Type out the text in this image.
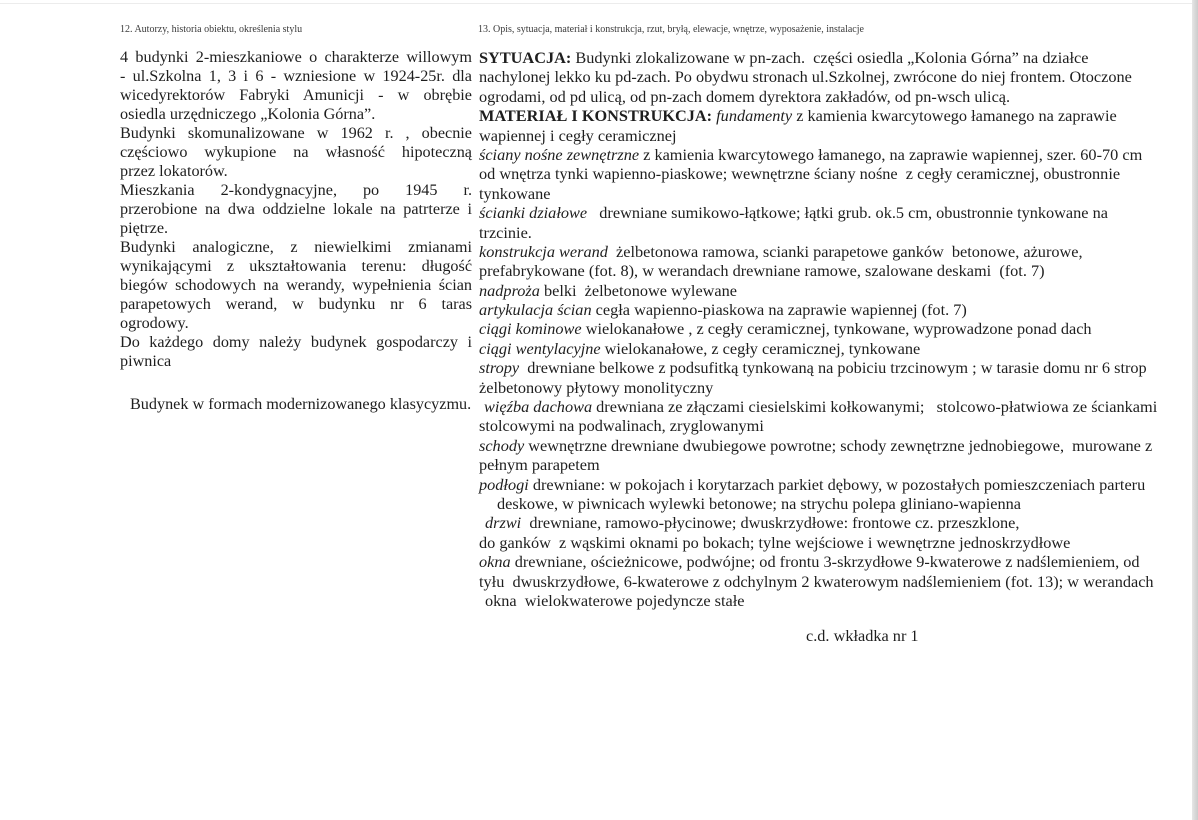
12. Autorzy, historia obiektu, określenia stylu	13. Opis, sytuacja, materiał i konstrukcja, rzut, bryłą, elewacje, wnętrze, wyposażenie, instalacje
4 budynki 2-mieszkaniowe o charakterze willowym
- ul.Szkolna 1, 3 i 6 - wzniesione w 1924-25r. dla
wicedyrektorów Fabryki Amunicji - w obrębie
osiedla urzędniczego „Kolonia Górna”.
Budynki skomunalizowane w 1962 r. , obecnie
częściowo wykupione na własność hipoteczną
przez lokatorów.
Mieszkania 2-kondygnacyjne, po 1945 r.
przerobione na dwa oddzielne lokale na patrterze i
piętrze.
Budynki analogiczne, z niewielkimi zmianami
wynikającymi z ukształtowania terenu: długość
biegów schodowych na werandy, wypełnienia ścian
parapetowych werand, w budynku nr 6 taras
ogrodowy.
Do każdego domy należy budynek gospodarczy i
piwnica
Budynek w formach modernizowanego klasycyzmu.
SYTUACJA: Budynki zlokalizowane w pn-zach.  części osiedla „Kolonia Górna” na działce
nachylonej lekko ku pd-zach. Po obydwu stronach ul.Szkolnej, zwrócone do niej frontem. Otoczone
ogrodami, od pd ulicą, od pn-zach domem dyrektora zakładów, od pn-wsch ulicą.
MATERIAŁ I KONSTRUKCJA: fundamenty z kamienia kwarcytowego łamanego na zaprawie
wapiennej i cegły ceramicznej
ściany nośne zewnętrzne z kamienia kwarcytowego łamanego, na zaprawie wapiennej, szer. 60-70 cm
od wnętrza tynki wapienno-piaskowe; wewnętrzne ściany nośne  z cegły ceramicznej, obustronnie
tynkowane
ścianki działowe   drewniane sumikowo-łątkowe; łątki grub. ok.5 cm, obustronnie tynkowane na
trzcinie.
konstrukcja werand  żelbetonowa ramowa, scianki parapetowe ganków  betonowe, ażurowe,
prefabrykowane (fot. 8), w werandach drewniane ramowe, szalowane deskami  (fot. 7)
nadproża belki  żelbetonowe wylewane
artykulacja ścian cegła wapienno-piaskowa na zaprawie wapiennej (fot. 7)
ciągi kominowe wielokanałowe , z cegły ceramicznej, tynkowane, wyprowadzone ponad dach
ciągi wentylacyjne wielokanałowe, z cegły ceramicznej, tynkowane
stropy  drewniane belkowe z podsufitką tynkowaną na pobiciu trzcinowym ; w tarasie domu nr 6 strop
żelbetonowy płytowy monolityczny
więźba dachowa drewniana ze złączami ciesielskimi kołkowanymi;   stolcowo-płatwiowa ze ściankami
stolcowymi na podwalinach, zryglowanymi
schody wewnętrzne drewniane dwubiegowe powrotne; schody zewnętrzne jednobiegowe,  murowane z
pełnym parapetem
podłogi drewniane: w pokojach i korytarzach parkiet dębowy, w pozostałych pomieszczeniach parteru
deskowe, w piwnicach wylewki betonowe; na strychu polepa gliniano-wapienna
drzwi  drewniane, ramowo-płycinowe; dwuskrzydłowe: frontowe cz. przeszklone,
do ganków  z wąskimi oknami po bokach; tylne wejściowe i wewnętrzne jednoskrzydłowe
okna drewniane, ościeżnicowe, podwójne; od frontu 3-skrzydłowe 9-kwaterowe z nadślemieniem, od
tyłu  dwuskrzydłowe, 6-kwaterowe z odchylnym 2 kwaterowym nadślemieniem (fot. 13); w werandach
okna  wielokwaterowe pojedyncze stałe
c.d. wkładka nr 1
